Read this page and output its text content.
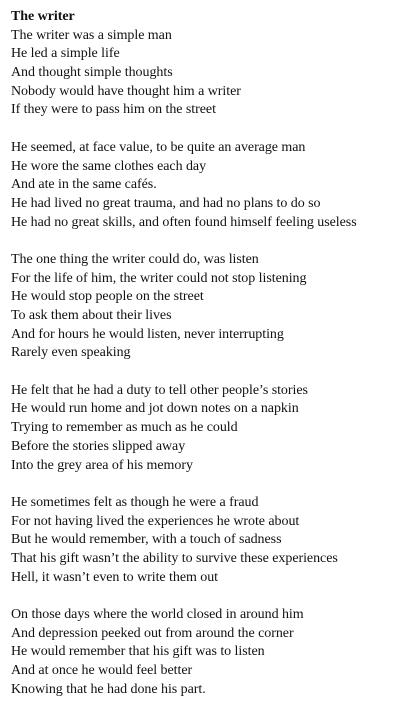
The writer
The writer was a simple man
He led a simple life
And thought simple thoughts
Nobody would have thought him a writer
If they were to pass him on the street
He seemed, at face value, to be quite an average man
He wore the same clothes each day
And ate in the same cafés.
He had lived no great trauma, and had no plans to do so
He had no great skills, and often found himself feeling useless
The one thing the writer could do, was listen
For the life of him, the writer could not stop listening
He would stop people on the street
To ask them about their lives
And for hours he would listen, never interrupting
Rarely even speaking
He felt that he had a duty to tell other people’s stories
He would run home and jot down notes on a napkin
Trying to remember as much as he could
Before the stories slipped away
Into the grey area of his memory
He sometimes felt as though he were a fraud
For not having lived the experiences he wrote about
But he would remember, with a touch of sadness
That his gift wasn’t the ability to survive these experiences
Hell, it wasn’t even to write them out
On those days where the world closed in around him
And depression peeked out from around the corner
He would remember that his gift was to listen
And at once he would feel better
Knowing that he had done his part.
